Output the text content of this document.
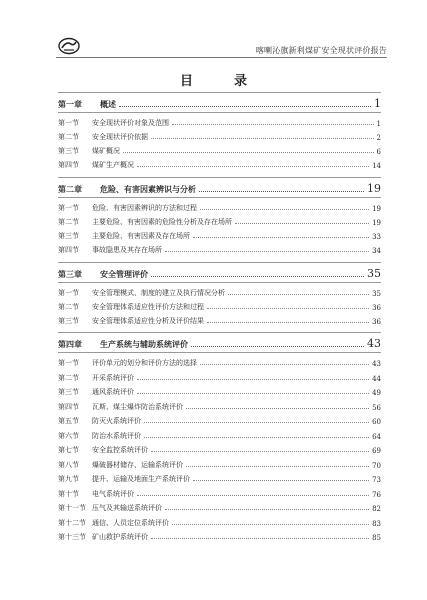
喀喇沁旗新利煤矿安全现状评价报告
目　录
第一章	概述	1
第一节	安全现状评价对象及范围	1
第二节	安全现状评价依据	2
第三节	煤矿概况	6
第四节	煤矿生产概况	14
第二章	危险、有害因素辨识与分析	19
第一节	危险、有害因素辨识的方法和过程	19
第二节	主要危险、有害因素的危险性分析及存在场所	19
第三节	主要危险、有害因素及存在场所	33
第四节	事故隐患及其存在场所	34
第三章	安全管理评价	35
第一节	安全管理模式、制度的建立及执行情况分析	35
第二节	安全管理体系适应性评价方法和过程	36
第三节	安全管理体系适应性分析及评价结果	36
第四章	生产系统与辅助系统评价	43
第一节	评价单元的划分和评价方法的选择	43
第二节	开采系统评价	44
第三节	通风系统评价	49
第四节	瓦斯、煤尘爆炸防治系统评价	56
第五节	防灭火系统评价	60
第六节	防治水系统评价	64
第七节	安全监控系统评价	69
第八节	爆破器材储存、运输系统评价	70
第九节	提升、运输及地面生产系统评价	73
第十节	电气系统评价	76
第十一节 压气及其输送系统评价	82
第十二节 通信、人员定位系统评价	83
第十三节 矿山救护系统评价	85
